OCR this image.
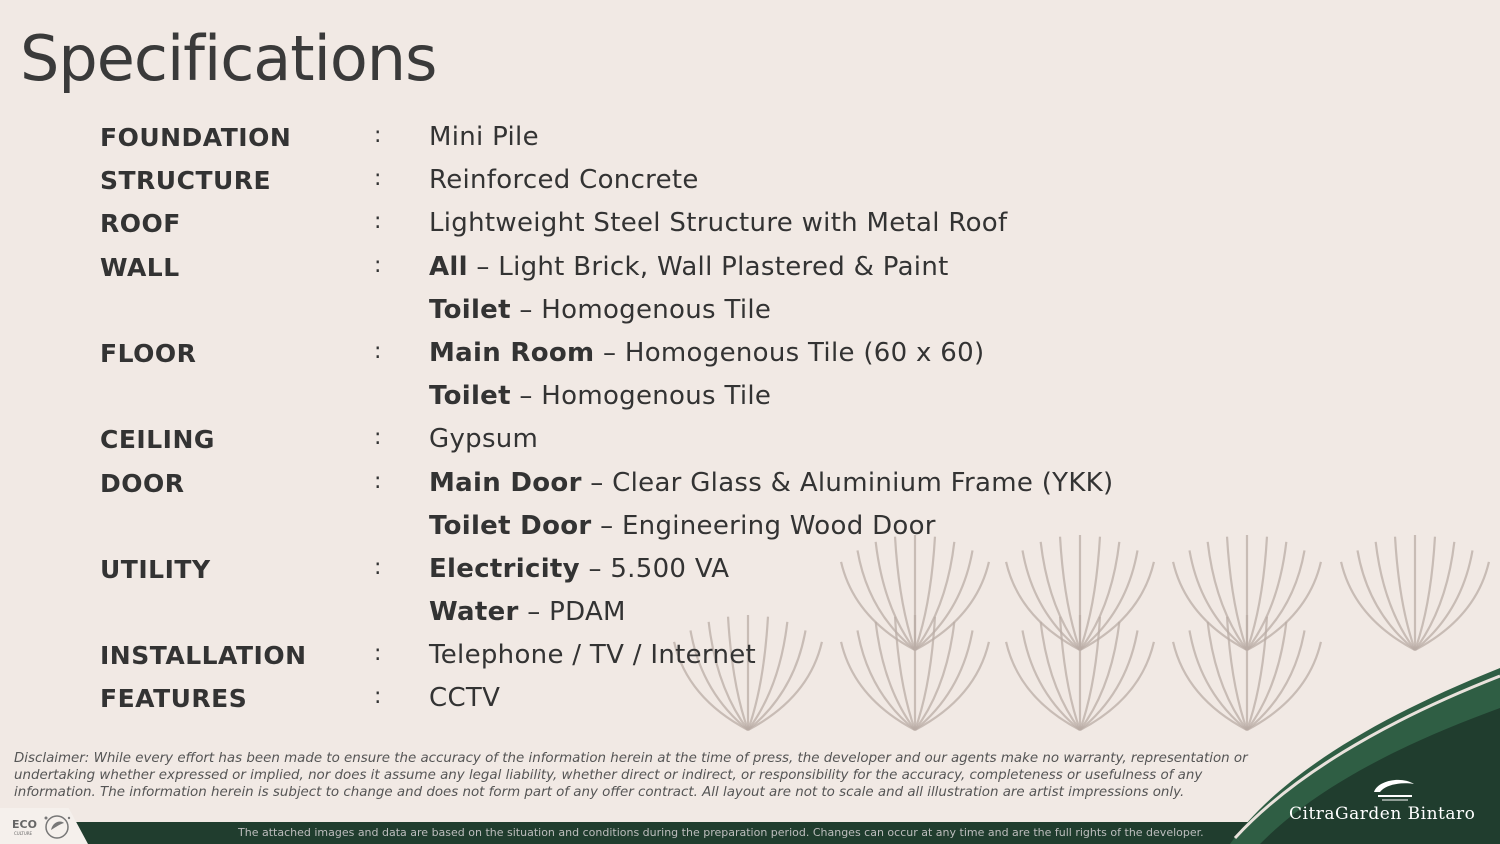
Specifications
FOUNDATION	: Mini Pile
STRUCTURE	: Reinforced Concrete
ROOF	: Lightweight Steel Structure with Metal Roof
WALL	: All – Light Brick, Wall Plastered & Paint
Toilet – Homogenous Tile
FLOOR	: Main Room – Homogenous Tile (60 x 60)
Toilet – Homogenous Tile
CEILING	: Gypsum
DOOR	: Main Door – Clear Glass & Aluminium Frame (YKK)
Toilet Door – Engineering Wood Door
UTILITY	: Electricity – 5.500 VA
Water – PDAM
INSTALLATION	: Telephone / TV / Internet
FEATURES	: CCTV
Disclaimer: While every effort has been made to ensure the accuracy of the information herein at the time of press, the developer and our agents make no warranty, representation or undertaking whether expressed or implied, nor does it assume any legal liability, whether direct or indirect, or responsibility for the accuracy, completeness or usefulness of any information. The information herein is subject to change and does not form part of any offer contract. All layout are not to scale and all illustration are artist impressions only.
The attached images and data are based on the situation and conditions during the preparation period. Changes can occur at any time and are the full rights of the developer.
ECO
CULTURE
CitraGarden Bintaro
